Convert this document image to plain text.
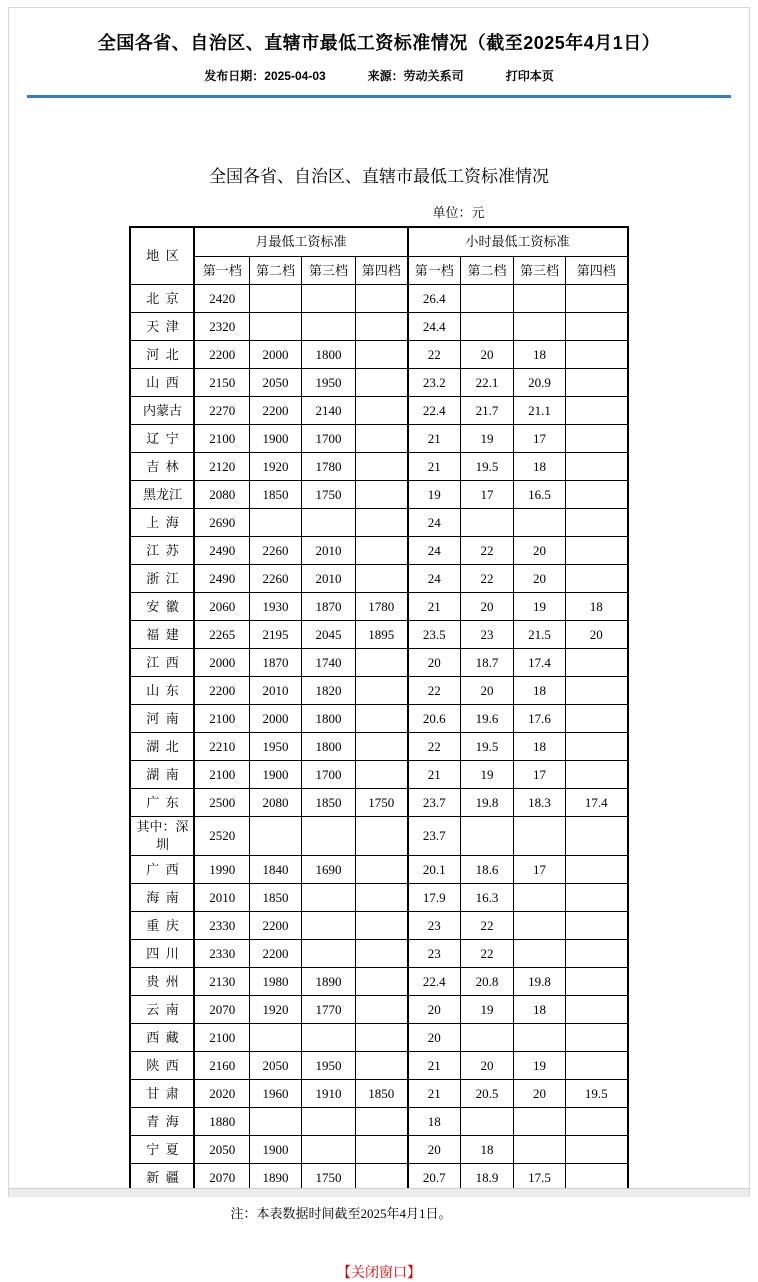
全国各省、自治区、直辖市最低工资标准情况（截至2025年4月1日）
发布日期：2025-04-03	来源：劳动关系司	打印本页
全国各省、自治区、直辖市最低工资标准情况
单位：元
地 区	月最低工资标准				小时最低工资标准			
	第一档	第二档	第三档	第四档	第一档	第二档	第三档	第四档
北 京	2420				26.4			
天 津	2320				24.4			
河 北	2200	2000	1800		22	20	18	
山 西	2150	2050	1950		23.2	22.1	20.9	
内蒙古	2270	2200	2140		22.4	21.7	21.1	
辽 宁	2100	1900	1700		21	19	17	
吉 林	2120	1920	1780		21	19.5	18	
黑龙江	2080	1850	1750		19	17	16.5	
上 海	2690				24			
江 苏	2490	2260	2010		24	22	20	
浙 江	2490	2260	2010		24	22	20	
安 徽	2060	1930	1870	1780	21	20	19	18
福 建	2265	2195	2045	1895	23.5	23	21.5	20
江 西	2000	1870	1740		20	18.7	17.4	
山 东	2200	2010	1820		22	20	18	
河 南	2100	2000	1800		20.6	19.6	17.6	
湖 北	2210	1950	1800		22	19.5	18	
湖 南	2100	1900	1700		21	19	17	
广 东	2500	2080	1850	1750	23.7	19.8	18.3	17.4
其中：深圳	2520				23.7			
广 西	1990	1840	1690		20.1	18.6	17	
海 南	2010	1850			17.9	16.3		
重 庆	2330	2200			23	22		
四 川	2330	2200			23	22		
贵 州	2130	1980	1890		22.4	20.8	19.8	
云 南	2070	1920	1770		20	19	18	
西 藏	2100				20			
陕 西	2160	2050	1950		21	20	19	
甘 肃	2020	1960	1910	1850	21	20.5	20	19.5
青 海	1880				18			
宁 夏	2050	1900			20	18		
新 疆	2070	1890	1750		20.7	18.9	17.5	
注：本表数据时间截至2025年4月1日。
【关闭窗口】
